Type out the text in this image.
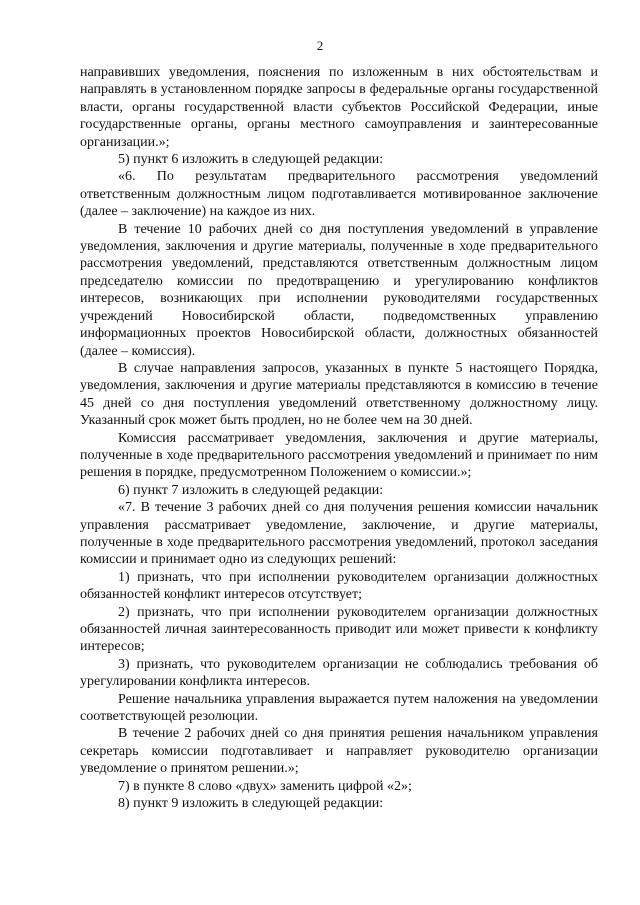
2

направивших уведомления, пояснения по изложенным в них обстоятельствам и направлять в установленном порядке запросы в федеральные органы государственной власти, органы государственной власти субъектов Российской Федерации, иные государственные органы, органы местного самоуправления и заинтересованные организации.»;

5) пункт 6 изложить в следующей редакции:

«6. По результатам предварительного рассмотрения уведомлений ответственным должностным лицом подготавливается мотивированное заключение (далее – заключение) на каждое из них.

В течение 10 рабочих дней со дня поступления уведомлений в управление уведомления, заключения и другие материалы, полученные в ходе предварительного рассмотрения уведомлений, представляются ответственным должностным лицом председателю комиссии по предотвращению и урегулированию конфликтов интересов, возникающих при исполнении руководителями государственных учреждений Новосибирской области, подведомственных управлению информационных проектов Новосибирской области, должностных обязанностей (далее – комиссия).

В случае направления запросов, указанных в пункте 5 настоящего Порядка, уведомления, заключения и другие материалы представляются в комиссию в течение 45 дней со дня поступления уведомлений ответственному должностному лицу. Указанный срок может быть продлен, но не более чем на 30 дней.

Комиссия рассматривает уведомления, заключения и другие материалы, полученные в ходе предварительного рассмотрения уведомлений и принимает по ним решения в порядке, предусмотренном Положением о комиссии.»;

6) пункт 7 изложить в следующей редакции:

«7. В течение 3 рабочих дней со дня получения решения комиссии начальник управления рассматривает уведомление, заключение, и другие материалы, полученные в ходе предварительного рассмотрения уведомлений, протокол заседания комиссии и принимает одно из следующих решений:

1) признать, что при исполнении руководителем организации должностных обязанностей конфликт интересов отсутствует;

2) признать, что при исполнении руководителем организации должностных обязанностей личная заинтересованность приводит или может привести к конфликту интересов;

3) признать, что руководителем организации не соблюдались требования об урегулировании конфликта интересов.

Решение начальника управления выражается путем наложения на уведомлении соответствующей резолюции.

В течение 2 рабочих дней со дня принятия решения начальником управления секретарь комиссии подготавливает и направляет руководителю организации уведомление о принятом решении.»;

7) в пункте 8 слово «двух» заменить цифрой «2»;

8) пункт 9 изложить в следующей редакции:
